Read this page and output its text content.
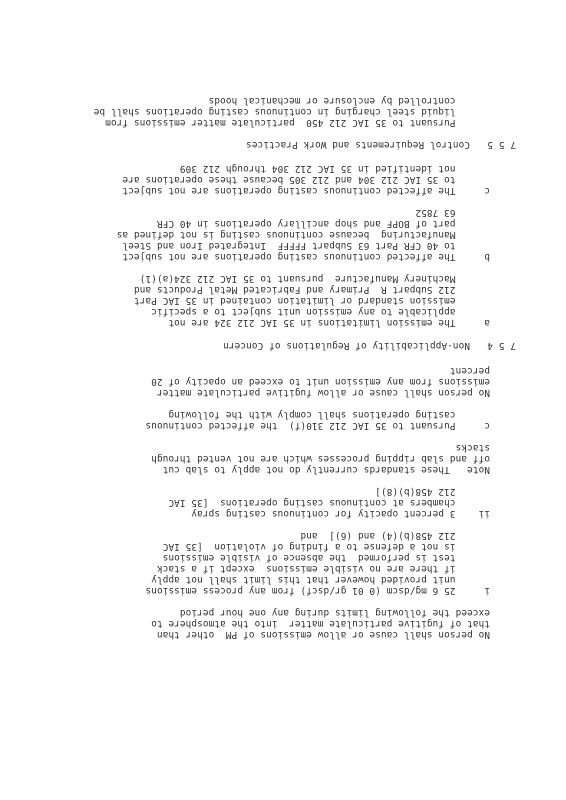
No person shall cause or allow emissions of PM  other than
that of fugitive particulate matter  into the atmosphere to
exceed the following limits during any one hour period
i     25 6 mg/dscm (0 01 gr/dscf) from any process emissions
unit provided however that this limit shall not apply
if there are no visible emissions  except if a stack
test is performed  the absence of visible emissions
is not a defense to a finding of violation  [35 IAC
212 458(b)(4) and (6)]  and
ii    3 percent opacity for continuous casting spray
chambers at continuous casting operations  [35 IAC
212 458(b)(8)]
Note   These standards currently do not apply to slab cut
off and slab ripping processes which are not vented through
stacks
c     Pursuant to 35 IAC 212 310(f)  the affected continuous
casting operations shall comply with the following
No person shall cause or allow fugitive particulate matter
emissions from any emission unit to exceed an opacity of 20
percent
7 5 4   Non-Applicability of Regulations of Concern
a     The emission limitations in 35 IAC 212 324 are not
applicable to any emission unit subject to a specific
emission standard or limitation contained in 35 IAC Part
212 Subpart R  Primary and Fabricated Metal Products and
Machinery Manufacture  pursuant to 35 IAC 212 324(a)(1)
b     The affected continuous casting operations are not subject
to 40 CFR Part 63 Subpart FFFFF  Integrated Iron and Steel
Manufacturing  because continuous casting is not defined as
part of BOPF and shop ancillary operations in 40 CFR
63 7852
c     The affected continuous casting operations are not subject
to 35 IAC 212 304 and 212 305 because these operations are
not identified in 35 IAC 212 304 through 212 309
7 5 5   Control Requirements and Work Practices
Pursuant to 35 IAC 212 450  particulate matter emissions from
liquid steel charging in continuous casting operations shall be
controlled by enclosure or mechanical hoods
